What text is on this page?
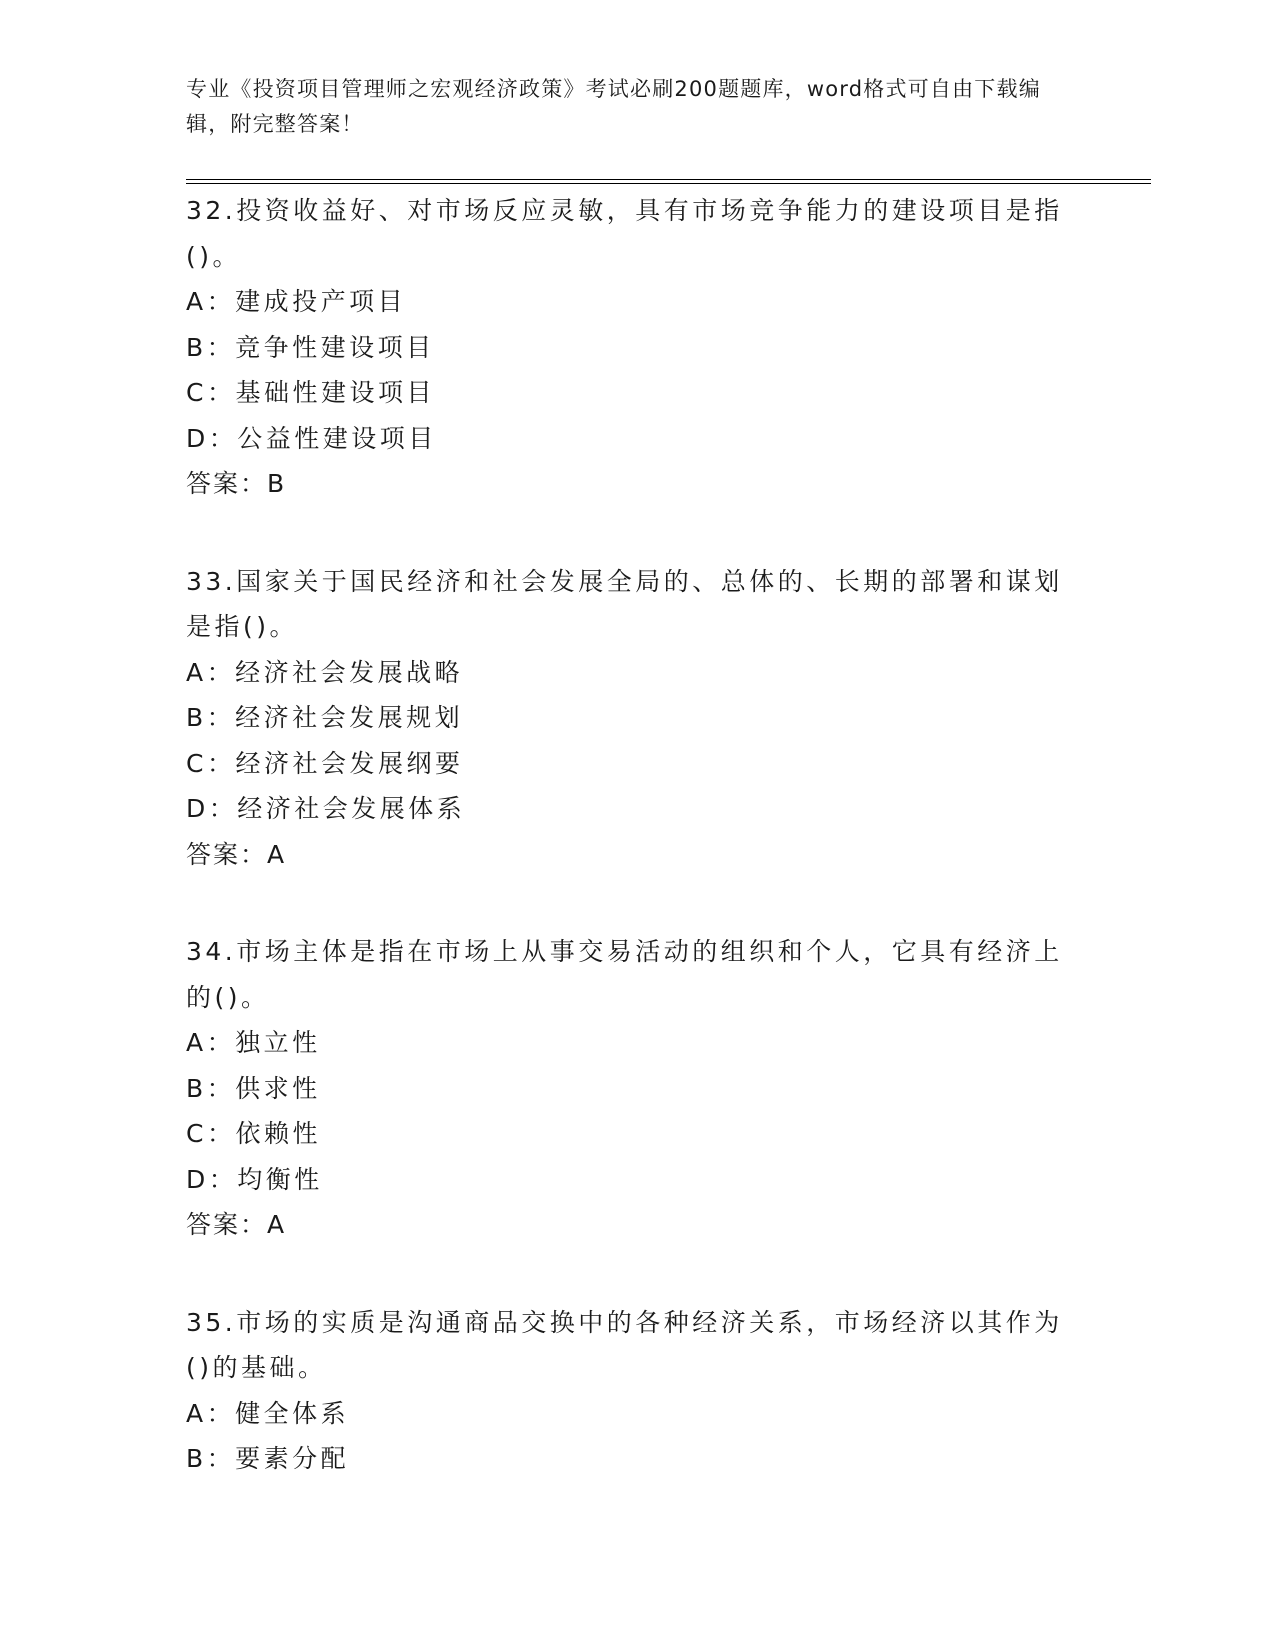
专业《投资项目管理师之宏观经济政策》考试必刷200题题库，word格式可自由下载编辑，附完整答案！

32.投资收益好、对市场反应灵敏，具有市场竞争能力的建设项目是指()。

A：建成投产项目

B：竞争性建设项目

C：基础性建设项目

D：公益性建设项目

答案：B

33.国家关于国民经济和社会发展全局的、总体的、长期的部署和谋划是指()。

A：经济社会发展战略

B：经济社会发展规划

C：经济社会发展纲要

D：经济社会发展体系

答案：A

34.市场主体是指在市场上从事交易活动的组织和个人，它具有经济上的()。

A：独立性

B：供求性

C：依赖性

D：均衡性

答案：A

35.市场的实质是沟通商品交换中的各种经济关系，市场经济以其作为()的基础。

A：健全体系

B：要素分配
